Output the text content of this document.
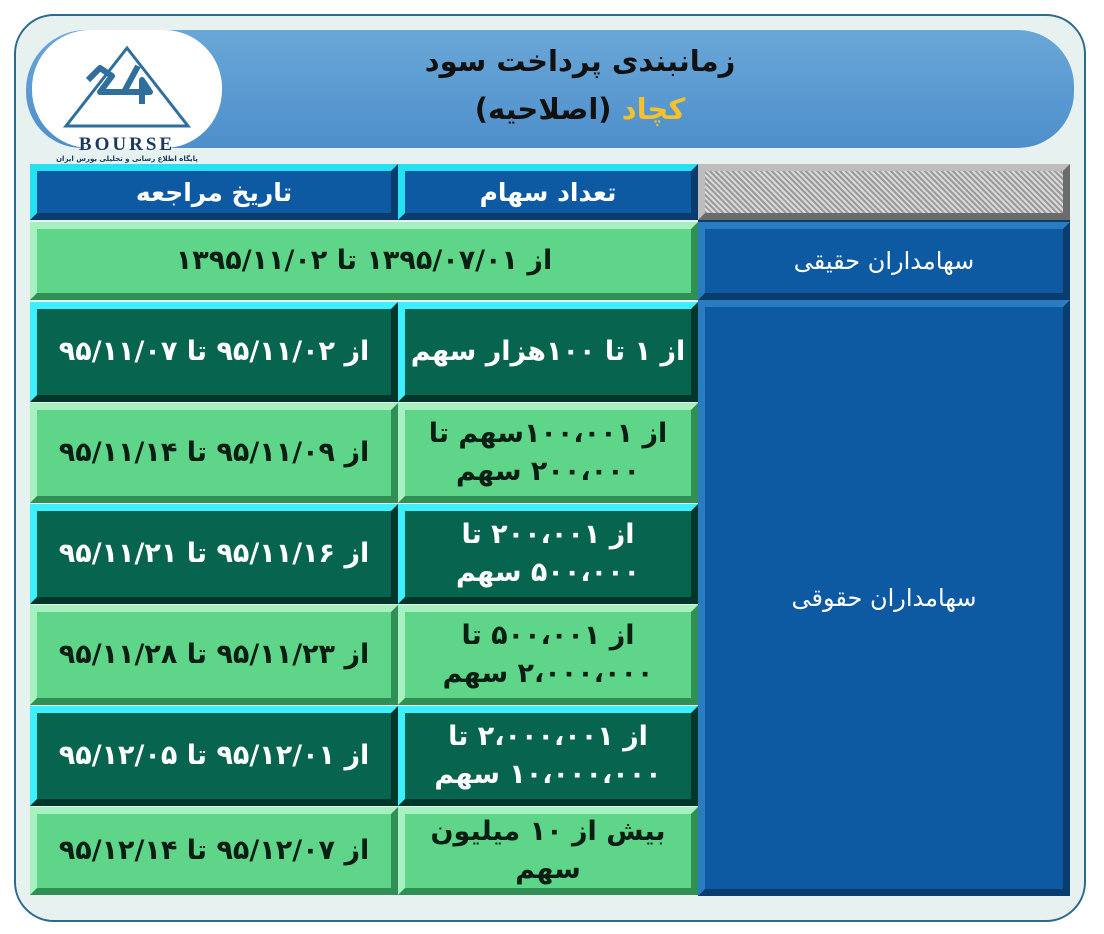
BOURSE
پایگاه اطلاع رسانی و تحلیلی بورس ایران
زمانبندی پرداخت سود
کچاد (اصلاحیه)
تعداد سهام
تاریخ مراجعه
سهامداران حقیقی
از ۱۳۹۵/۰۷/۰۱ تا ۱۳۹۵/۱۱/۰۲
سهامداران حقوقی
از ۱ تا ۱۰۰هزار سهم
از ۹۵/۱۱/۰۲ تا ۹۵/۱۱/۰۷
از ۱۰۰،۰۰۱سهم تا ۲۰۰،۰۰۰ سهم
از ۹۵/۱۱/۰۹ تا ۹۵/۱۱/۱۴
از ۲۰۰،۰۰۱ تا ۵۰۰،۰۰۰ سهم
از ۹۵/۱۱/۱۶ تا ۹۵/۱۱/۲۱
از ۵۰۰،۰۰۱ تا ۲،۰۰۰،۰۰۰ سهم
از ۹۵/۱۱/۲۳ تا ۹۵/۱۱/۲۸
از ۲،۰۰۰،۰۰۱ تا ۱۰،۰۰۰،۰۰۰ سهم
از ۹۵/۱۲/۰۱ تا ۹۵/۱۲/۰۵
بیش از ۱۰ میلیون سهم
از ۹۵/۱۲/۰۷ تا ۹۵/۱۲/۱۴
